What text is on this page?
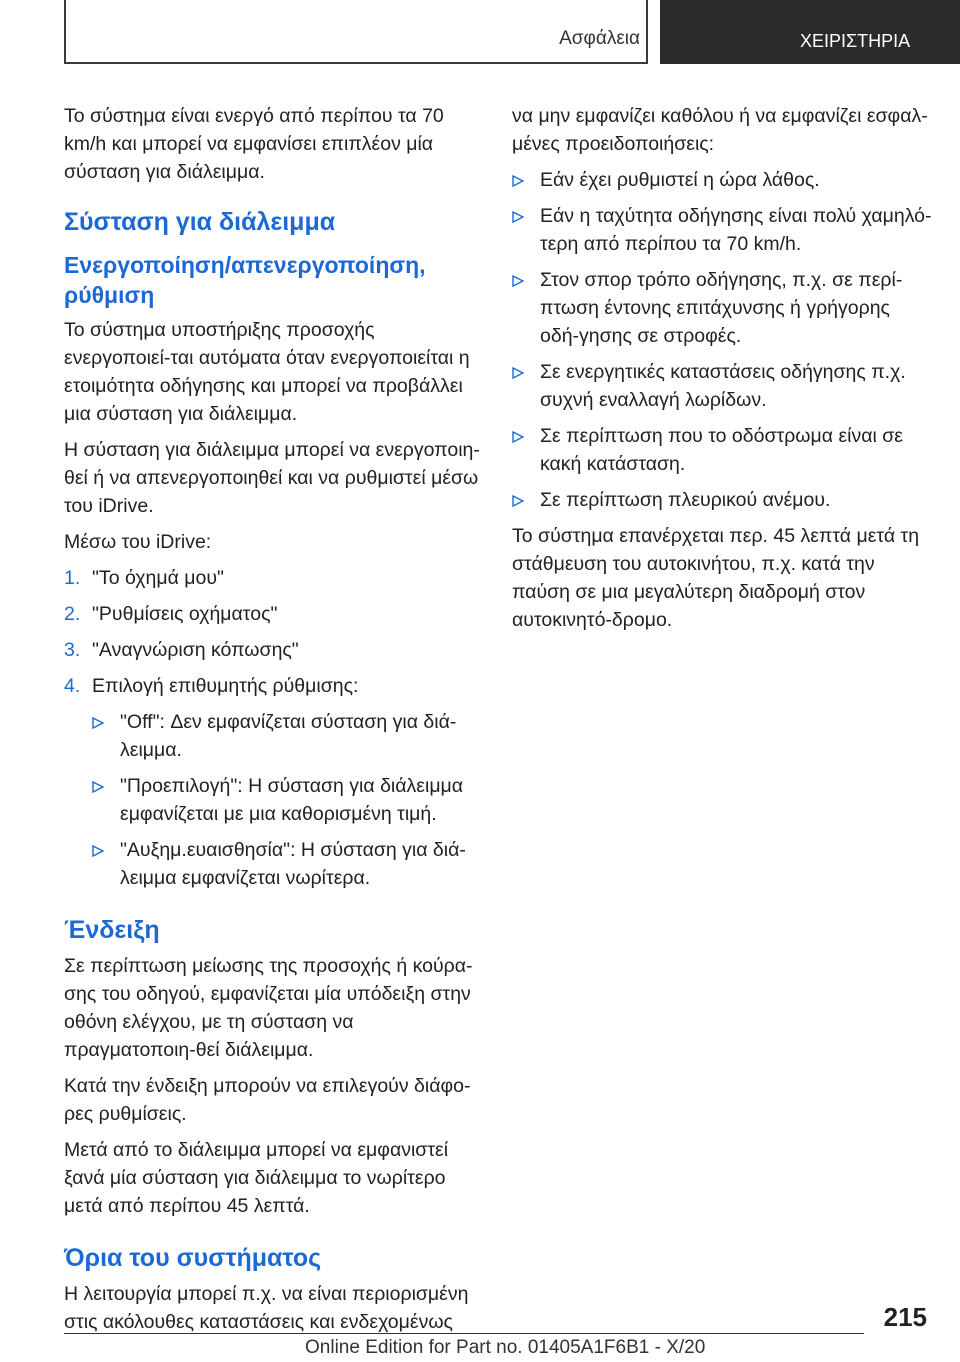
Ασφάλεια	ΧΕΙΡΙΣΤΗΡΙΑ

Το σύστημα είναι ενεργό από περίπου τα 70 km/h και μπορεί να εμφανίσει επιπλέον μία σύσταση για διάλειμμα.

Σύσταση για διάλειμμα
Ενεργοποίηση/απενεργοποίηση, ρύθμιση

Το σύστημα υποστήριξης προσοχής ενεργοποιεί-ται αυτόματα όταν ενεργοποιείται η ετοιμότητα οδήγησης και μπορεί να προβάλλει μια σύσταση για διάλειμμα.

Η σύσταση για διάλειμμα μπορεί να ενεργοποιη-θεί ή να απενεργοποιηθεί και να ρυθμιστεί μέσω του iDrive.

Μέσω του iDrive:

1. "Το όχημά μου"
2. "Ρυθμίσεις οχήματος"
3. "Αναγνώριση κόπωσης"
4. Επιλογή επιθυμητής ρύθμισης:
"Off": Δεν εμφανίζεται σύσταση για διά-λειμμα.
"Προεπιλογή": Η σύσταση για διάλειμμα εμφανίζεται με μια καθορισμένη τιμή.
"Αυξημ.ευαισθησία": Η σύσταση για διά-λειμμα εμφανίζεται νωρίτερα.
Ένδειξη

Σε περίπτωση μείωσης της προσοχής ή κούρα-σης του οδηγού, εμφανίζεται μία υπόδειξη στην οθόνη ελέγχου, με τη σύσταση να πραγματοποιη-θεί διάλειμμα.

Κατά την ένδειξη μπορούν να επιλεγούν διάφο-ρες ρυθμίσεις.

Μετά από το διάλειμμα μπορεί να εμφανιστεί ξανά μία σύσταση για διάλειμμα το νωρίτερο μετά από περίπου 45 λεπτά.

Όρια του συστήματος

Η λειτουργία μπορεί π.χ. να είναι περιορισμένη στις ακόλουθες καταστάσεις και ενδεχομένως

να μην εμφανίζει καθόλου ή να εμφανίζει εσφαλ-μένες προειδοποιήσεις:

Εάν έχει ρυθμιστεί η ώρα λάθος.
Εάν η ταχύτητα οδήγησης είναι πολύ χαμηλό-τερη από περίπου τα 70 km/h.
Στον σπορ τρόπο οδήγησης, π.χ. σε περί-πτωση έντονης επιτάχυνσης ή γρήγορης οδή-γησης σε στροφές.
Σε ενεργητικές καταστάσεις οδήγησης π.χ. συχνή εναλλαγή λωρίδων.
Σε περίπτωση που το οδόστρωμα είναι σε κακή κατάσταση.
Σε περίπτωση πλευρικού ανέμου.

Το σύστημα επανέρχεται περ. 45 λεπτά μετά τη στάθμευση του αυτοκινήτου, π.χ. κατά την παύση σε μια μεγαλύτερη διαδρομή στον αυτοκινητό-δρομο.

215
Online Edition for Part no. 01405A1F6B1 - X/20
